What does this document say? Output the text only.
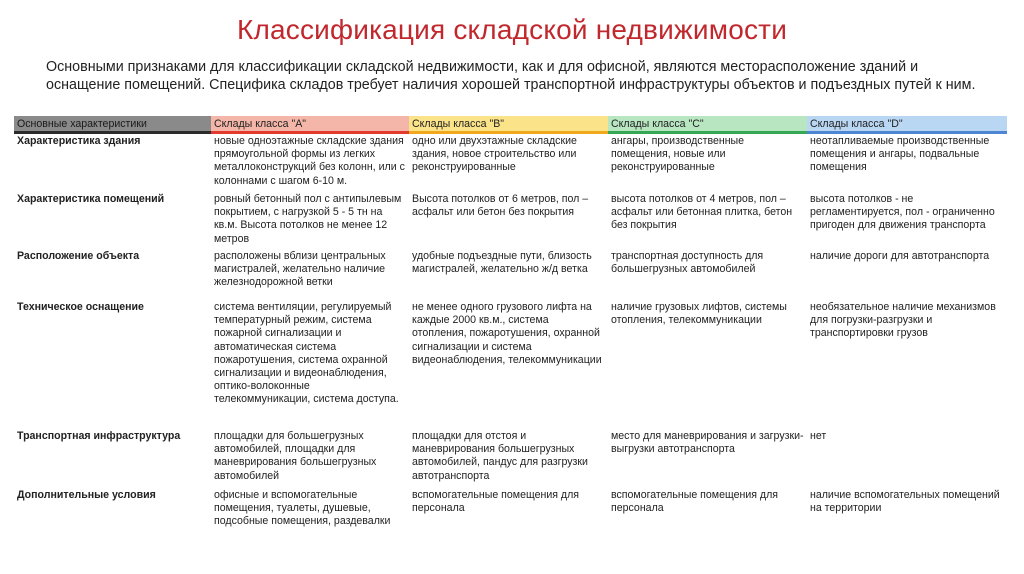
Классификация складской недвижимости
Основными признаками для классификации складской недвижимости, как и для офисной, являются месторасположение зданий и оснащение помещений. Специфика складов требует наличия хорошей транспортной инфраструктуры объектов и подъездных путей к ним.
Основные характеристики	Склады класса "A"	Склады класса "B"	Склады класса "C"	Склады класса "D"
Характеристика здания	новые одноэтажные складские здания прямоугольной формы из легких металлоконструкций без колонн, или с колоннами с шагом 6-10 м.	одно или двухэтажные складские здания, новое строительство или реконструированные	ангары, производственные помещения, новые или реконструированные	неотапливаемые производственные помещения и ангары, подвальные помещения
Характеристика помещений	ровный бетонный пол с антипылевым покрытием, с нагрузкой 5 - 5 тн на кв.м. Высота потолков не менее 12 метров	Высота потолков от 6 метров, пол – асфальт или бетон без покрытия	высота потолков от 4 метров, пол – асфальт или бетонная плитка, бетон без покрытия	высота потолков - не регламентируется, пол - ограниченно пригоден для движения транспорта
Расположение объекта	расположены вблизи центральных магистралей, желательно наличие железнодорожной ветки	удобные подъездные пути, близость магистралей, желательно ж/д ветка	транспортная доступность для большегрузных автомобилей	наличие дороги для автотранспорта
Техническое оснащение	система вентиляции, регулируемый температурный режим, система пожарной сигнализации и автоматическая система пожаротушения, система охранной сигнализации и видеонаблюдения, оптико-волоконные телекоммуникации, система доступа.	не менее одного грузового лифта на каждые 2000 кв.м., система отопления, пожаротушения, охранной сигнализации и система видеонаблюдения, телекоммуникации	наличие грузовых лифтов, системы отопления, телекоммуникации	необязательное наличие механизмов для погрузки-разгрузки и транспортировки грузов
Транспортная инфраструктура	площадки для большегрузных автомобилей, площадки для маневрирования большегрузных автомобилей	площадки для отстоя и маневрирования большегрузных автомобилей, пандус для разгрузки автотранспорта	место для маневрирования и загрузки-выгрузки автотранспорта	нет
Дополнительные условия	офисные и вспомогательные помещения, туалеты, душевые, подсобные помещения, раздевалки	вспомогательные помещения для персонала	вспомогательные помещения для персонала	наличие вспомогательных помещений на территории
